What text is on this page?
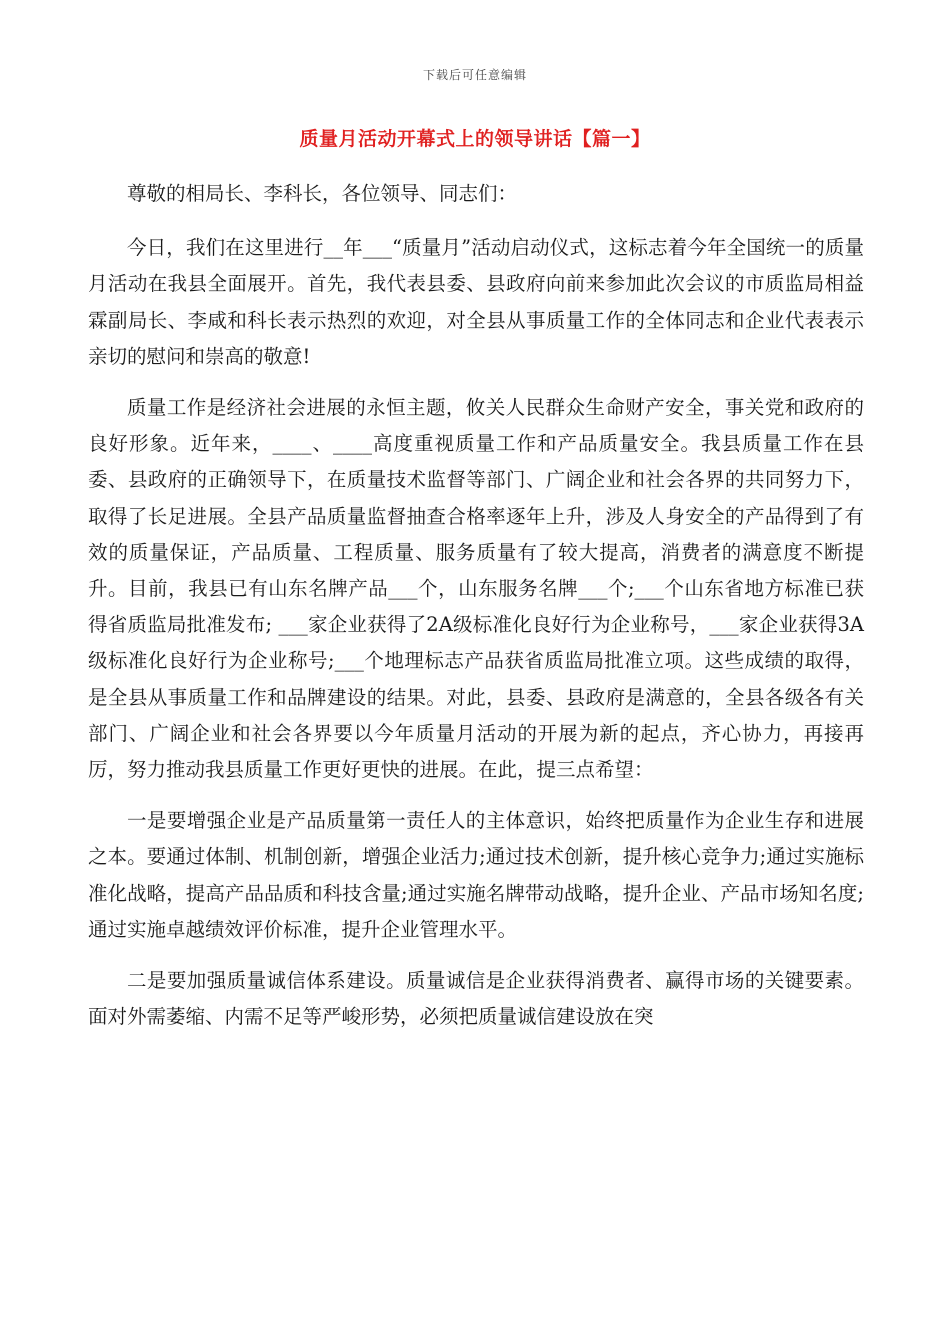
下载后可任意编辑
质量月活动开幕式上的领导讲话【篇一】

尊敬的相局长、李科长，各位领导、同志们：

今日，我们在这里进行__年___“质量月”活动启动仪式，这标志着今年全国统一的质量月活动在我县全面展开。首先，我代表县委、县政府向前来参加此次会议的市质监局相益霖副局长、李咸和科长表示热烈的欢迎，对全县从事质量工作的全体同志和企业代表表示亲切的慰问和崇高的敬意!

质量工作是经济社会进展的永恒主题，攸关人民群众生命财产安全，事关党和政府的良好形象。近年来，____、____高度重视质量工作和产品质量安全。我县质量工作在县委、县政府的正确领导下，在质量技术监督等部门、广阔企业和社会各界的共同努力下，取得了长足进展。全县产品质量监督抽查合格率逐年上升，涉及人身安全的产品得到了有效的质量保证，产品质量、工程质量、服务质量有了较大提高，消费者的满意度不断提升。目前，我县已有山东名牌产品___个，山东服务名牌___个;___个山东省地方标准已获得省质监局批准发布; ___家企业获得了2A级标准化良好行为企业称号，___家企业获得3A级标准化良好行为企业称号;___个地理标志产品获省质监局批准立项。这些成绩的取得，是全县从事质量工作和品牌建设的结果。对此，县委、县政府是满意的，全县各级各有关部门、广阔企业和社会各界要以今年质量月活动的开展为新的起点，齐心协力，再接再厉，努力推动我县质量工作更好更快的进展。在此，提三点希望：

一是要增强企业是产品质量第一责任人的主体意识，始终把质量作为企业生存和进展之本。要通过体制、机制创新，增强企业活力;通过技术创新，提升核心竞争力;通过实施标准化战略，提高产品品质和科技含量;通过实施名牌带动战略，提升企业、产品市场知名度;通过实施卓越绩效评价标准，提升企业管理水平。

二是要加强质量诚信体系建设。质量诚信是企业获得消费者、赢得市场的关键要素。面对外需萎缩、内需不足等严峻形势，必须把质量诚信建设放在突
